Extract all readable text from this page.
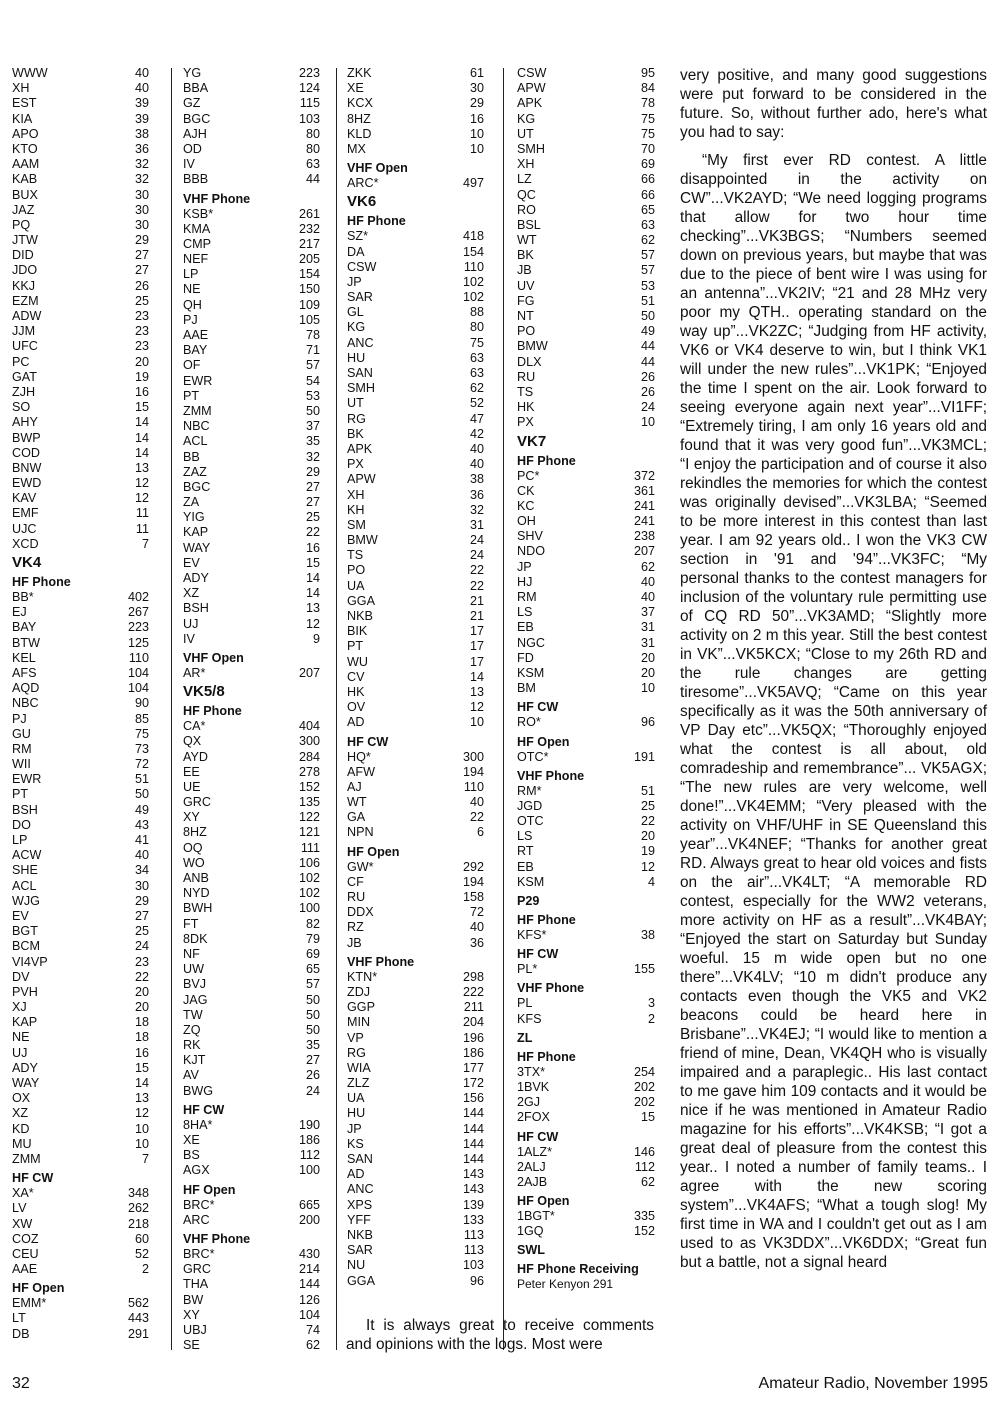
WWW	40
XH	40
EST	39
KIA	39
APO	38
KTO	36
AAM	32
KAB	32
BUX	30
JAZ	30
PQ	30
JTW	29
DID	27
JDO	27
KKJ	26
EZM	25
ADW	23
JJM	23
UFC	23
PC	20
GAT	19
ZJH	16
SO	15
AHY	14
BWP	14
COD	14
BNW	13
EWD	12
KAV	12
EMF	11
UJC	11
XCD	7
VK4
HF Phone
BB*	402
EJ	267
BAY	223
BTW	125
KEL	110
AFS	104
AQD	104
NBC	90
PJ	85
GU	75
RM	73
WII	72
EWR	51
PT	50
BSH	49
DO	43
LP	41
ACW	40
SHE	34
ACL	30
WJG	29
EV	27
BGT	25
BCM	24
VI4VP	23
DV	22
PVH	20
XJ	20
KAP	18
NE	18
UJ	16
ADY	15
WAY	14
OX	13
XZ	12
KD	10
MU	10
ZMM	7
HF CW
XA*	348
LV	262
XW	218
COZ	60
CEU	52
AAE	2
HF Open
EMM*	562
LT	443
DB	291
YG	223
BBA	124
GZ	115
BGC	103
AJH	80
OD	80
IV	63
BBB	44
VHF Phone
KSB*	261
KMA	232
CMP	217
NEF	205
LP	154
NE	150
QH	109
PJ	105
AAE	78
BAY	71
OF	57
EWR	54
PT	53
ZMM	50
NBC	37
ACL	35
BB	32
ZAZ	29
BGC	27
ZA	27
YIG	25
KAP	22
WAY	16
EV	15
ADY	14
XZ	14
BSH	13
UJ	12
IV	9
VHF Open
AR*	207
VK5/8
HF Phone
CA*	404
QX	300
AYD	284
EE	278
UE	152
GRC	135
XY	122
8HZ	121
OQ	111
WO	106
ANB	102
NYD	102
BWH	100
FT	82
8DK	79
NF	69
UW	65
BVJ	57
JAG	50
TW	50
ZQ	50
RK	35
KJT	27
AV	26
BWG	24
HF CW
8HA*	190
XE	186
BS	112
AGX	100
HF Open
BRC*	665
ARC	200
VHF Phone
BRC*	430
GRC	214
THA	144
BW	126
XY	104
UBJ	74
SE	62
ZKK	61
XE	30
KCX	29
8HZ	16
KLD	10
MX	10
VHF Open
ARC*	497
VK6
HF Phone
SZ*	418
DA	154
CSW	110
JP	102
SAR	102
GL	88
KG	80
ANC	75
HU	63
SAN	63
SMH	62
UT	52
RG	47
BK	42
APK	40
PX	40
APW	38
XH	36
KH	32
SM	31
BMW	24
TS	24
PO	22
UA	22
GGA	21
NKB	21
BIK	17
PT	17
WU	17
CV	14
HK	13
OV	12
AD	10
HF CW
HQ*	300
AFW	194
AJ	110
WT	40
GA	22
NPN	6
HF Open
GW*	292
CF	194
RU	158
DDX	72
RZ	40
JB	36
VHF Phone
KTN*	298
ZDJ	222
GGP	211
MIN	204
VP	196
RG	186
WIA	177
ZLZ	172
UA	156
HU	144
JP	144
KS	144
SAN	144
AD	143
ANC	143
XPS	139
YFF	133
NKB	113
SAR	113
NU	103
GGA	96
CSW	95
APW	84
APK	78
KG	75
UT	75
SMH	70
XH	69
LZ	66
QC	66
RO	65
BSL	63
WT	62
BK	57
JB	57
UV	53
FG	51
NT	50
PO	49
BMW	44
DLX	44
RU	26
TS	26
HK	24
PX	10
VK7
HF Phone
PC*	372
CK	361
KC	241
OH	241
SHV	238
NDO	207
JP	62
HJ	40
RM	40
LS	37
EB	31
NGC	31
FD	20
KSM	20
BM	10
HF CW
RO*	96
HF Open
OTC*	191
VHF Phone
RM*	51
JGD	25
OTC	22
LS	20
RT	19
EB	12
KSM	4
P29
HF Phone
KFS*	38
HF CW
PL*	155
VHF Phone
PL	3
KFS	2
ZL
HF Phone
3TX*	254
1BVK	202
2GJ	202
2FOX	15
HF CW
1ALZ*	146
2ALJ	112
2AJB	62
HF Open
1BGT*	335
1GQ	152
SWL
HF Phone Receiving
Peter Kenyon 291
It is always great to receive comments and opinions with the logs. Most were

very positive, and many good suggestions were put forward to be considered in the future. So, without further ado, here's what you had to say:

“My first ever RD contest. A little disappointed in the activity on CW”...VK2AYD; “We need logging programs that allow for two hour time checking”...VK3BGS; “Numbers seemed down on previous years, but maybe that was due to the piece of bent wire I was using for an antenna”...VK2IV; “21 and 28 MHz very poor my QTH.. operating standard on the way up”...VK2ZC; “Judging from HF activity, VK6 or VK4 deserve to win, but I think VK1 will under the new rules”...VK1PK; “Enjoyed the time I spent on the air. Look forward to seeing everyone again next year”...VI1FF; “Extremely tiring, I am only 16 years old and found that it was very good fun”...VK3MCL; “I enjoy the participation and of course it also rekindles the memories for which the contest was originally devised”...VK3LBA; “Seemed to be more interest in this contest than last year. I am 92 years old.. I won the VK3 CW section in '91 and '94”...VK3FC; “My personal thanks to the contest managers for inclusion of the voluntary rule permitting use of CQ RD 50”...VK3AMD; “Slightly more activity on 2 m this year. Still the best contest in VK”...VK5KCX; “Close to my 26th RD and the rule changes are getting tiresome”...VK5AVQ; “Came on this year specifically as it was the 50th anniversary of VP Day etc”...VK5QX; “Thoroughly enjoyed what the contest is all about, old comradeship and remembrance”... VK5AGX; “The new rules are very welcome, well done!”...VK4EMM; “Very pleased with the activity on VHF/UHF in SE Queensland this year”...VK4NEF; “Thanks for another great RD. Always great to hear old voices and fists on the air”...VK4LT; “A memorable RD contest, especially for the WW2 veterans, more activity on HF as a result”...VK4BAY; “Enjoyed the start on Saturday but Sunday woeful. 15 m wide open but no one there”...VK4LV; “10 m didn't produce any contacts even though the VK5 and VK2 beacons could be heard here in Brisbane”...VK4EJ; “I would like to mention a friend of mine, Dean, VK4QH who is visually impaired and a paraplegic.. His last contact to me gave him 109 contacts and it would be nice if he was mentioned in Amateur Radio magazine for his efforts”...VK4KSB; “I got a great deal of pleasure from the contest this year.. I noted a number of family teams.. I agree with the new scoring system”...VK4AFS; “What a tough slog! My first time in WA and I couldn't get out as I am used to as VK3DDX”...VK6DDX; “Great fun but a battle, not a signal heard

32	Amateur Radio, November 1995
